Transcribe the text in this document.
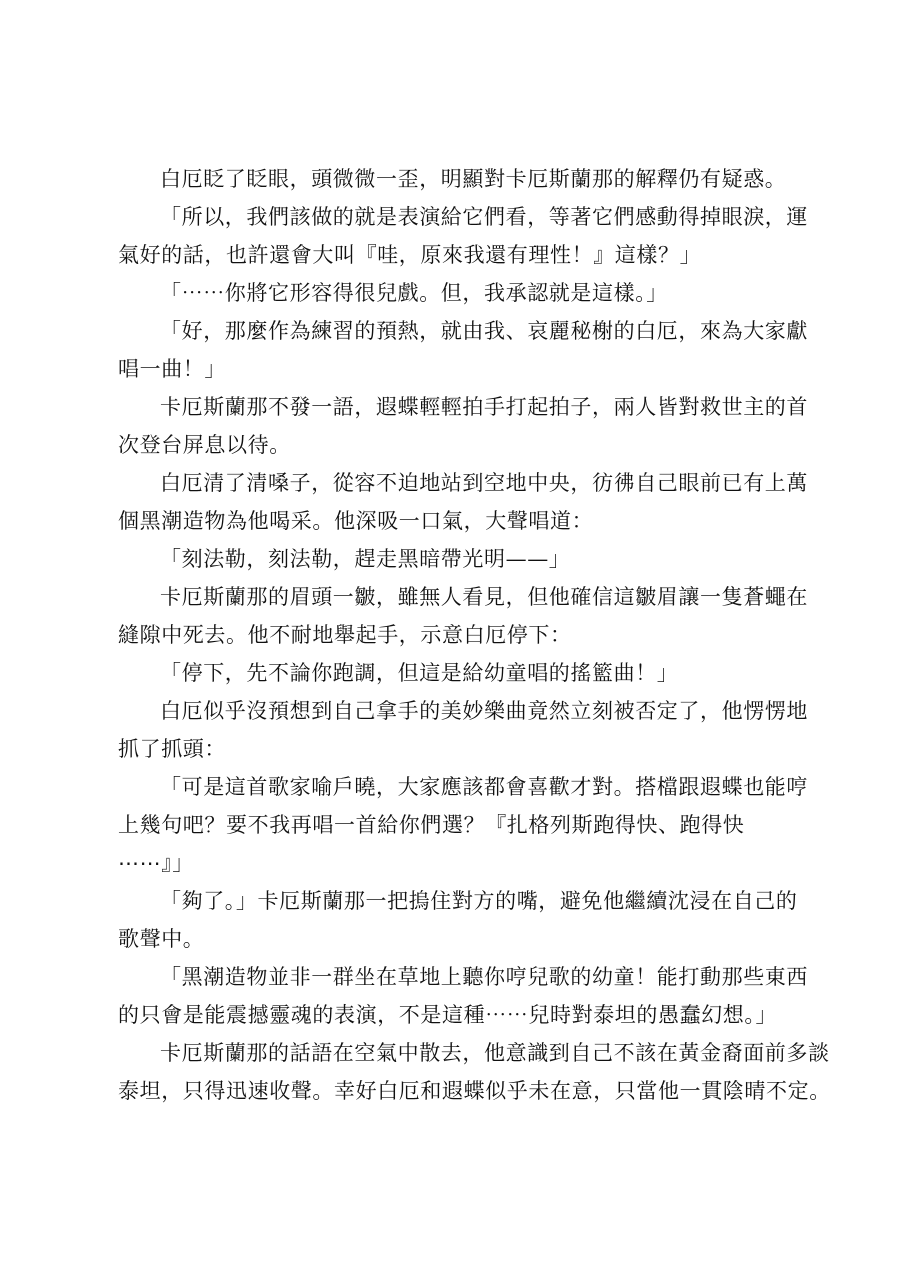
白厄眨了眨眼，頭微微一歪，明顯對卡厄斯蘭那的解釋仍有疑惑。

「所以，我們該做的就是表演給它們看，等著它們感動得掉眼淚，運
氣好的話，也許還會大叫『哇，原來我還有理性！』這樣？」

「⋯⋯你將它形容得很兒戲。但，我承認就是這樣。」

「好，那麼作為練習的預熱，就由我、哀麗秘榭的白厄，來為大家獻
唱一曲！」

卡厄斯蘭那不發一語，遐蝶輕輕拍手打起拍子，兩人皆對救世主的首
次登台屏息以待。

白厄清了清嗓子，從容不迫地站到空地中央，彷彿自己眼前已有上萬
個黑潮造物為他喝采。他深吸一口氣，大聲唱道：

「刻法勒，刻法勒，趕走黑暗帶光明——」

卡厄斯蘭那的眉頭一皺，雖無人看見，但他確信這皺眉讓一隻蒼蠅在
縫隙中死去。他不耐地舉起手，示意白厄停下：

「停下，先不論你跑調，但這是給幼童唱的搖籃曲！」

白厄似乎沒預想到自己拿手的美妙樂曲竟然立刻被否定了，他愣愣地
抓了抓頭：

「可是這首歌家喻戶曉，大家應該都會喜歡才對。搭檔跟遐蝶也能哼
上幾句吧？要不我再唱一首給你們選？『扎格列斯跑得快、跑得快
⋯⋯』」

「夠了。」卡厄斯蘭那一把摀住對方的嘴，避免他繼續沈浸在自己的
歌聲中。

「黑潮造物並非一群坐在草地上聽你哼兒歌的幼童！能打動那些東西
的只會是能震撼靈魂的表演，不是這種⋯⋯兒時對泰坦的愚蠢幻想。」

卡厄斯蘭那的話語在空氣中散去，他意識到自己不該在黃金裔面前多談
泰坦，只得迅速收聲。幸好白厄和遐蝶似乎未在意，只當他一貫陰晴不定。
